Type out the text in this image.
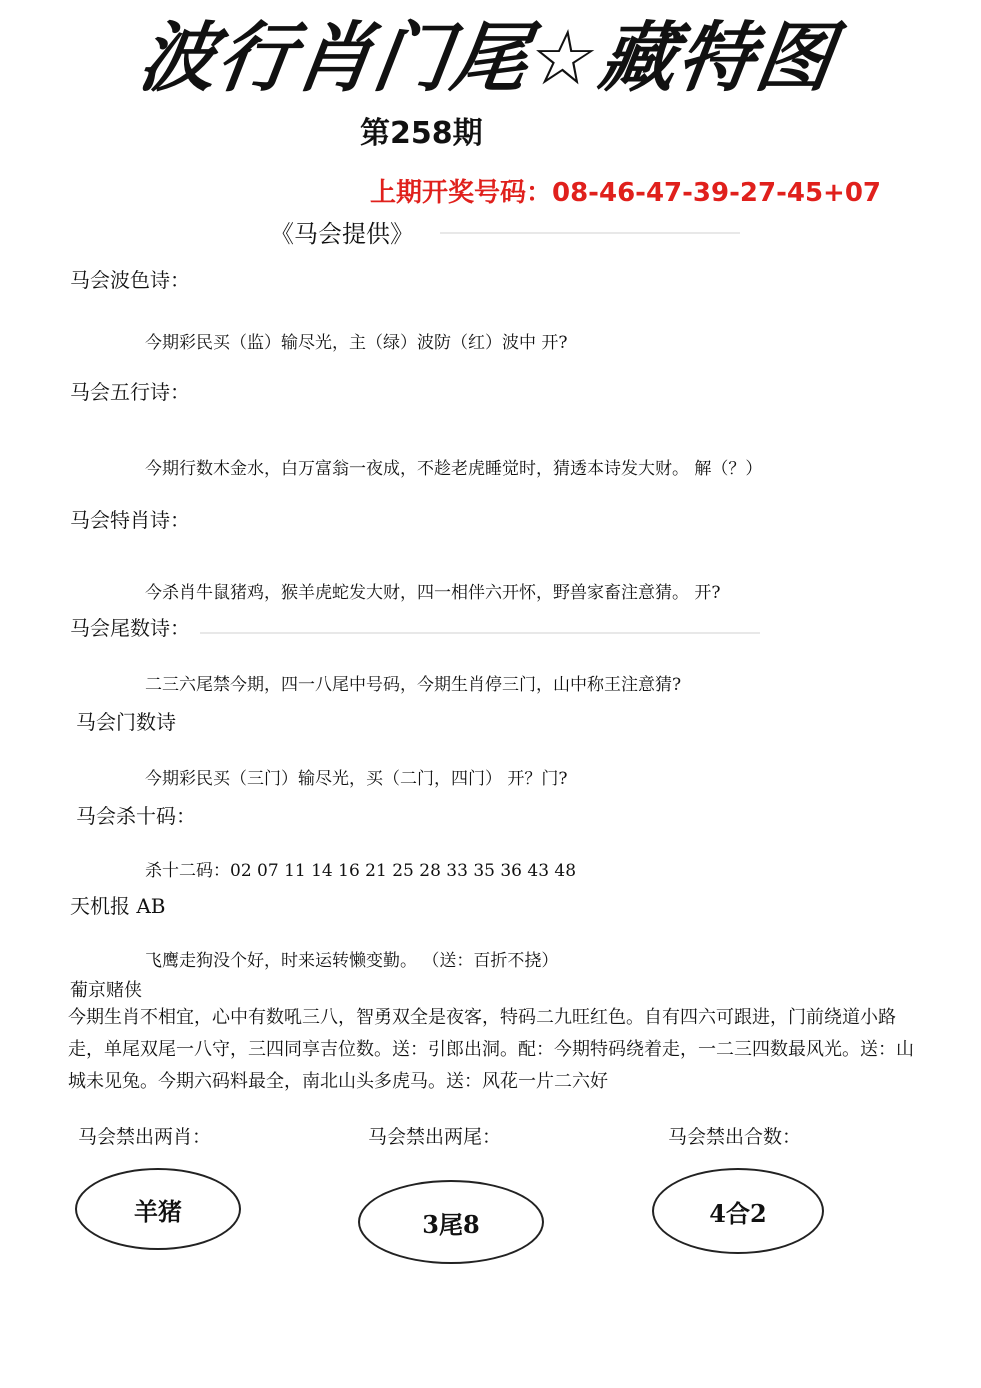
波行肖门尾☆藏特图
第258期
上期开奖号码：08-46-47-39-27-45+07
《马会提供》
马会波色诗：
今期彩民买（监）输尽光，主（绿）波防（红）波中 开?
马会五行诗：
今期行数木金水，白万富翁一夜成，不趁老虎睡觉时，猜透本诗发大财。 解（？）
马会特肖诗：
今杀肖牛鼠猪鸡，猴羊虎蛇发大财，四一相伴六开怀，野兽家畜注意猜。 开?
马会尾数诗：
二三六尾禁今期，四一八尾中号码，今期生肖停三门，山中称王注意猜?
马会门数诗
今期彩民买（三门）输尽光，买（二门，四门） 开？门?
马会杀十码：
杀十二码：02 07 11 14 16 21 25 28 33 35 36 43 48
天机报 AB
飞鹰走狗没个好，时来运转懒变勤。 （送：百折不挠）
葡京赌侠
今期生肖不相宜，心中有数吼三八，智勇双全是夜客，特码二九旺红色。自有四六可跟进，门前绕道小路走，单尾双尾一八守，三四同享吉位数。送：引郎出洞。配：今期特码绕着走，一二三四数最风光。送：山城未见兔。今期六码料最全，南北山头多虎马。送：风花一片二六好
马会禁出两肖：	马会禁出两尾：	马会禁出合数：
羊猪	3尾8	4合2
